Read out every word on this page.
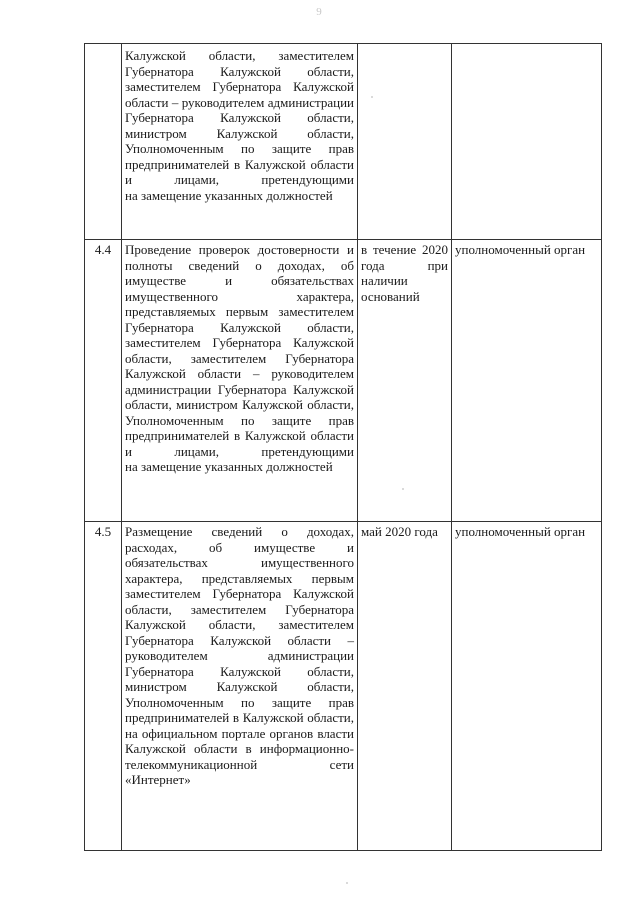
9
	Калужской области, заместителем Губернатора Калужской области, заместителем Губернатора Калужской области – руководителем администрации Губернатора Калужской области, министром Калужской области, Уполномоченным по защите прав предпринимателей в Калужской области и лицами, претендующими
на замещение указанных должностей		

4.4	Проведение проверок достоверности и полноты сведений о доходах, об имуществе и обязательствах имущественного характера, представляемых первым заместителем Губернатора Калужской области, заместителем Губернатора Калужской области, заместителем Губернатора Калужской области – руководителем администрации Губернатора Калужской области, министром Калужской области, Уполномоченным по защите прав предпринимателей в Калужской области и лицами, претендующими
на замещение указанных должностей	в течение 2020 года при наличии оснований	уполномоченный орган
4.5	Размещение сведений о доходах, расходах, об имуществе и обязательствах имущественного характера, представляемых первым заместителем Губернатора Калужской области, заместителем Губернатора Калужской области, заместителем Губернатора Калужской области – руководителем администрации Губернатора Калужской области, министром Калужской области, Уполномоченным по защите прав предпринимателей в Калужской области, на официальном портале органов власти Калужской области в информационно- телекоммуникационной сети
«Интернет»	май 2020 года	уполномоченный орган
